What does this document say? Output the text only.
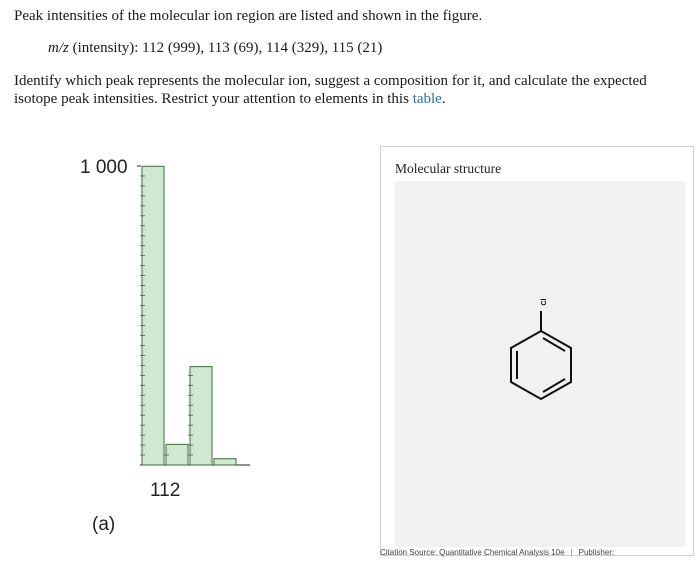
Peak intensities of the molecular ion region are listed and shown in the figure.
m/z (intensity): 112 (999), 113 (69), 114 (329), 115 (21)
Identify which peak represents the molecular ion, suggest a composition for it, and calculate the expected isotope peak intensities. Restrict your attention to elements in this table.
1 000
112
(a)
Molecular structure
Cl
Citation Source: Quantitative Chemical Analysis 10e | Publisher:
